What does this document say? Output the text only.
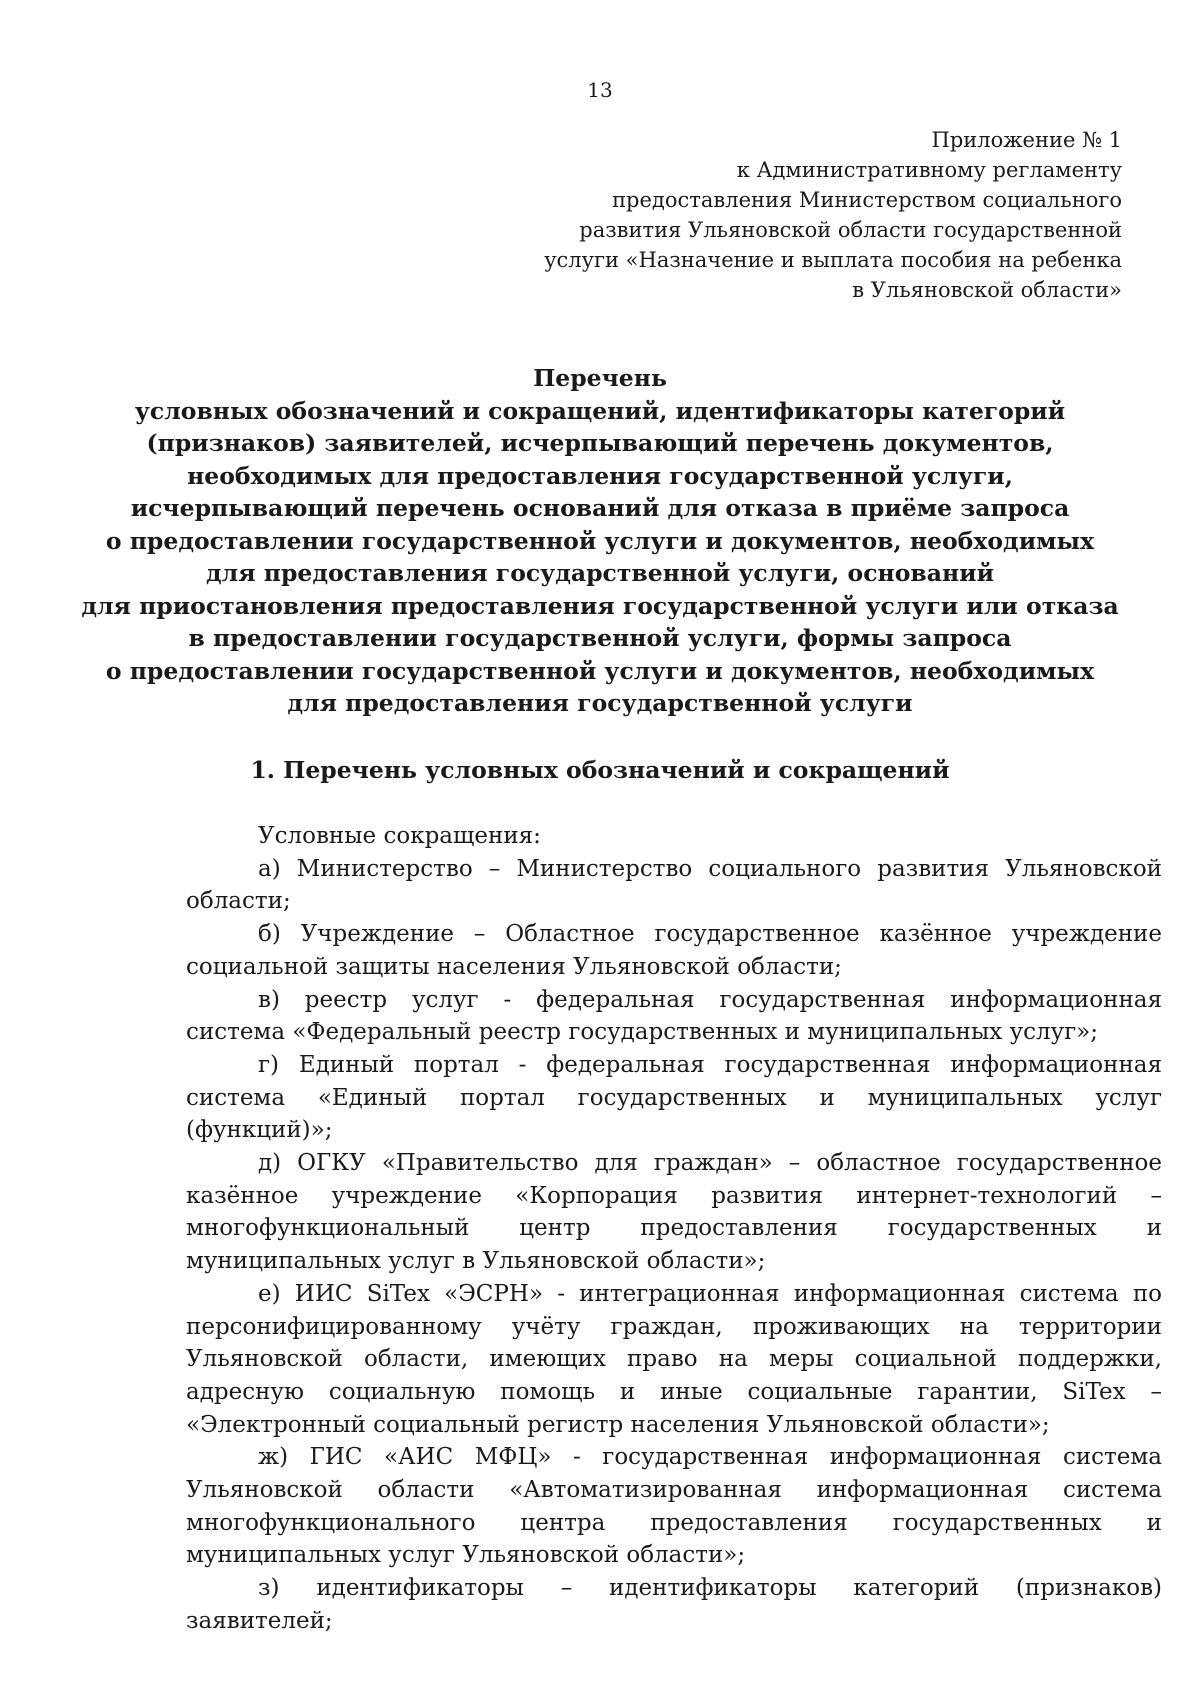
13
Приложение № 1
к Административному регламенту
предоставления Министерством социального
развития Ульяновской области государственной
услуги «Назначение и выплата пособия на ребенка
в Ульяновской области»
Перечень
условных обозначений и сокращений, идентификаторы категорий
(признаков) заявителей, исчерпывающий перечень документов,
необходимых для предоставления государственной услуги,
исчерпывающий перечень оснований для отказа в приёме запроса
о предоставлении государственной услуги и документов, необходимых
для предоставления государственной услуги, оснований
для приостановления предоставления государственной услуги или отказа
в предоставлении государственной услуги, формы запроса
о предоставлении государственной услуги и документов, необходимых
для предоставления государственной услуги
1. Перечень условных обозначений и сокращений

Условные сокращения:

а) Министерство – Министерство социального развития Ульяновской области;

б) Учреждение – Областное государственное казённое учреждение социальной защиты населения Ульяновской области;

в) реестр услуг - федеральная государственная информационная система «Федеральный реестр государственных и муниципальных услуг»;

г) Единый портал - федеральная государственная информационная система «Единый портал государственных и муниципальных услуг (функций)»;

д) ОГКУ «Правительство для граждан» – областное государственное казённое учреждение «Корпорация развития интернет-технологий – многофункциональный центр предоставления государственных и муниципальных услуг в Ульяновской области»;

е) ИИС SiTex «ЭСРН» - интеграционная информационная система по персонифицированному учёту граждан, проживающих на территории Ульяновской области, имеющих право на меры социальной поддержки, адресную социальную помощь и иные социальные гарантии, SiTex – «Электронный социальный регистр населения Ульяновской области»;

ж) ГИС «АИС МФЦ» - государственная информационная система Ульяновской области «Автоматизированная информационная система многофункционального центра предоставления государственных и муниципальных услуг Ульяновской области»;

з) идентификаторы – идентификаторы категорий (признаков) заявителей;
